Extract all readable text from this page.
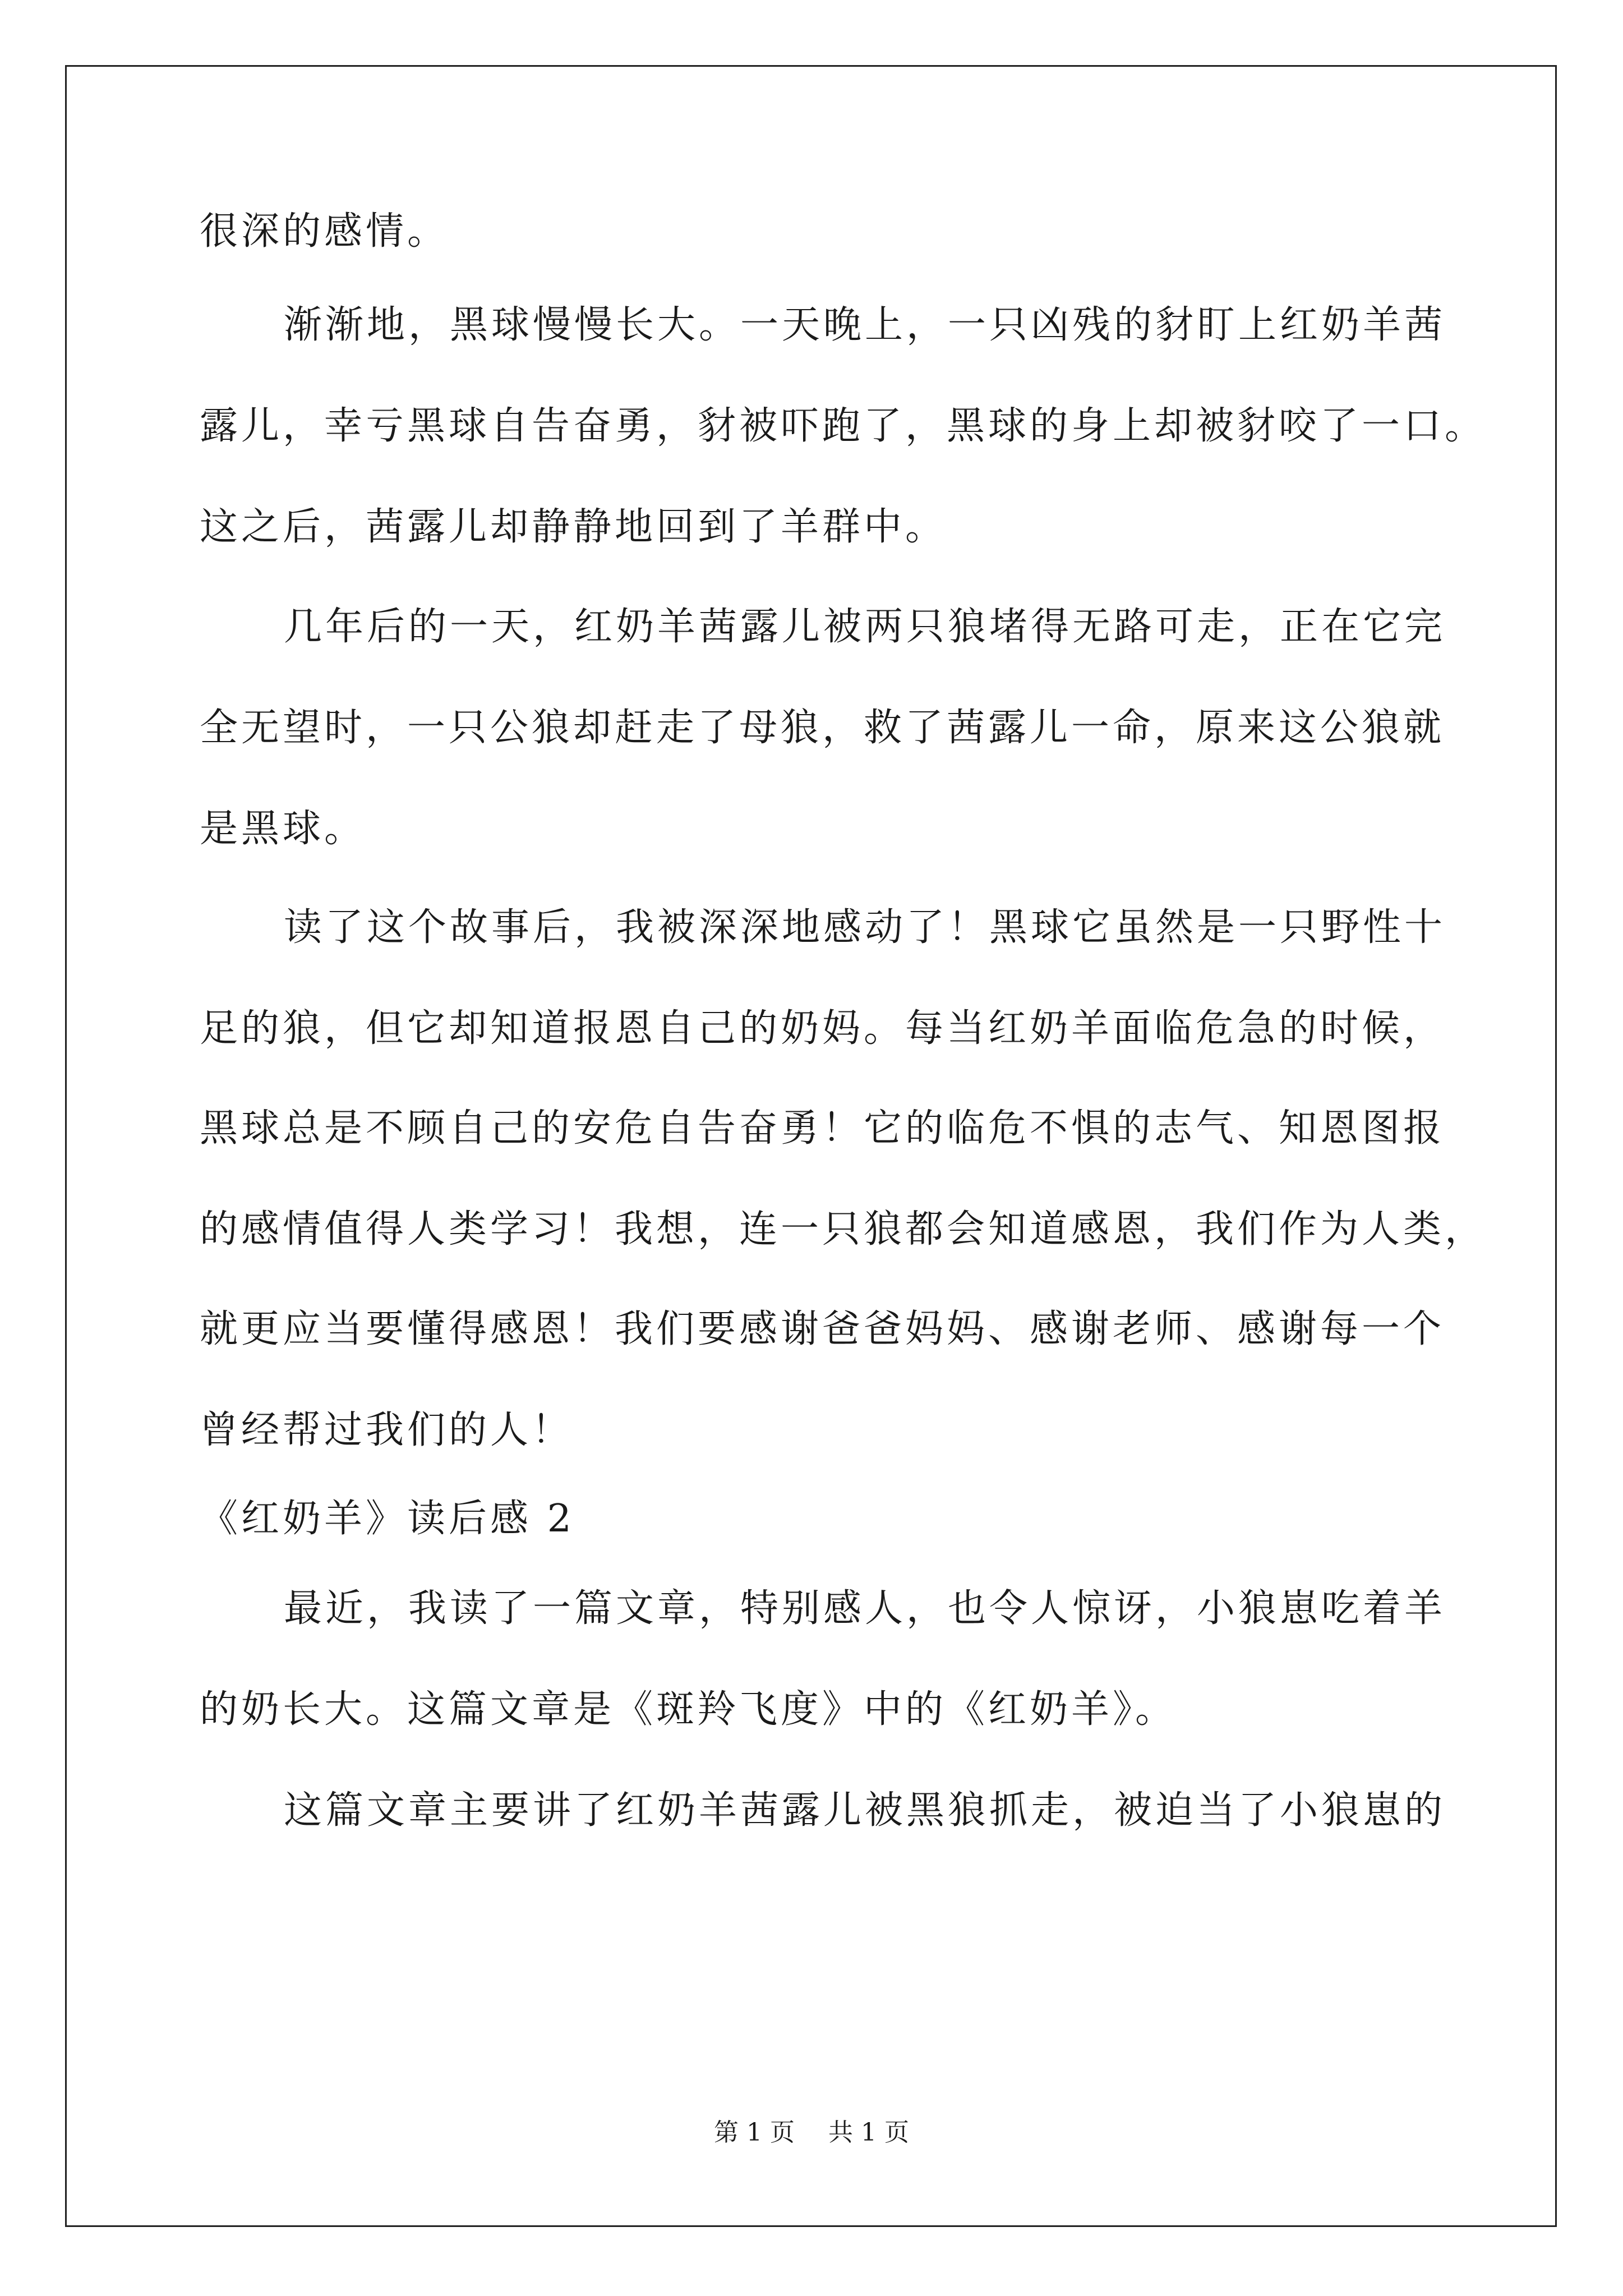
很深的感情。
渐渐地，黑球慢慢长大。一天晚上，一只凶残的豺盯上红奶羊茜
露儿，幸亏黑球自告奋勇，豺被吓跑了，黑球的身上却被豺咬了一口。
这之后，茜露儿却静静地回到了羊群中。
几年后的一天，红奶羊茜露儿被两只狼堵得无路可走，正在它完
全无望时，一只公狼却赶走了母狼，救了茜露儿一命，原来这公狼就
是黑球。
读了这个故事后，我被深深地感动了！黑球它虽然是一只野性十
足的狼，但它却知道报恩自己的奶妈。每当红奶羊面临危急的时候，
黑球总是不顾自己的安危自告奋勇！它的临危不惧的志气、知恩图报
的感情值得人类学习！我想，连一只狼都会知道感恩，我们作为人类，
就更应当要懂得感恩！我们要感谢爸爸妈妈、感谢老师、感谢每一个
曾经帮过我们的人！
《红奶羊》读后感 2
最近，我读了一篇文章，特别感人，也令人惊讶，小狼崽吃着羊
的奶长大。这篇文章是《斑羚飞度》中的《红奶羊》。
这篇文章主要讲了红奶羊茜露儿被黑狼抓走，被迫当了小狼崽的
第 1 页 共 1 页
